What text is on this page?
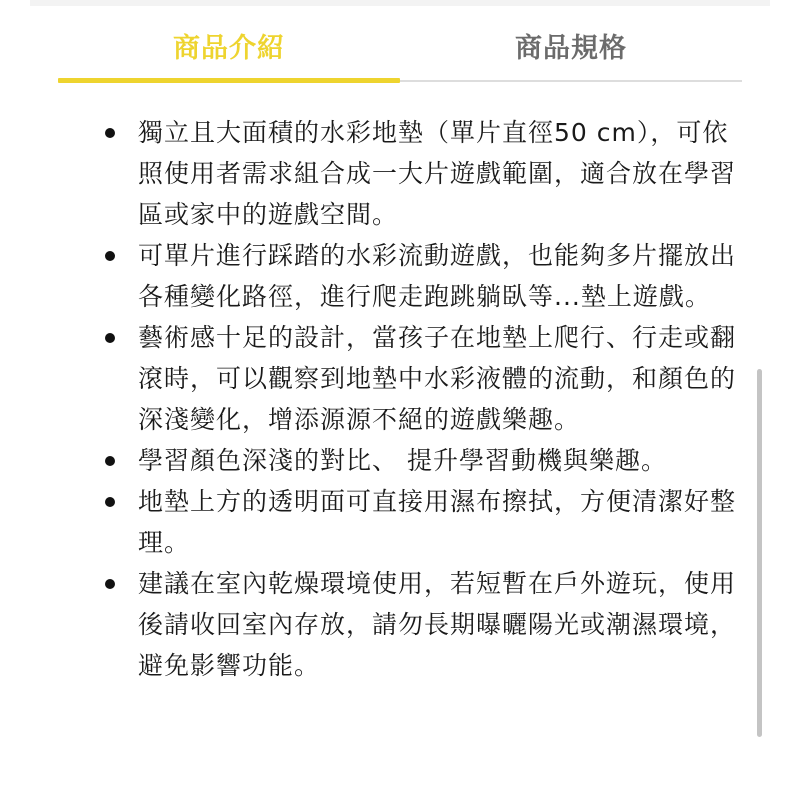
商品介紹	商品規格
獨立且大面積的水彩地墊（單片直徑50 cm），可依照使用者需求組合成一大片遊戲範圍，適合放在學習區或家中的遊戲空間。
可單片進行踩踏的水彩流動遊戲，也能夠多片擺放出各種變化路徑，進行爬走跑跳躺臥等...墊上遊戲。
藝術感十足的設計，當孩子在地墊上爬行、行走或翻滾時，可以觀察到地墊中水彩液體的流動，和顏色的深淺變化，增添源源不絕的遊戲樂趣。
學習顏色深淺的對比、 提升學習動機與樂趣。
地墊上方的透明面可直接用濕布擦拭，方便清潔好整理。
建議在室內乾燥環境使用，若短暫在戶外遊玩，使用後請收回室內存放，請勿長期曝曬陽光或潮濕環境，避免影響功能。
